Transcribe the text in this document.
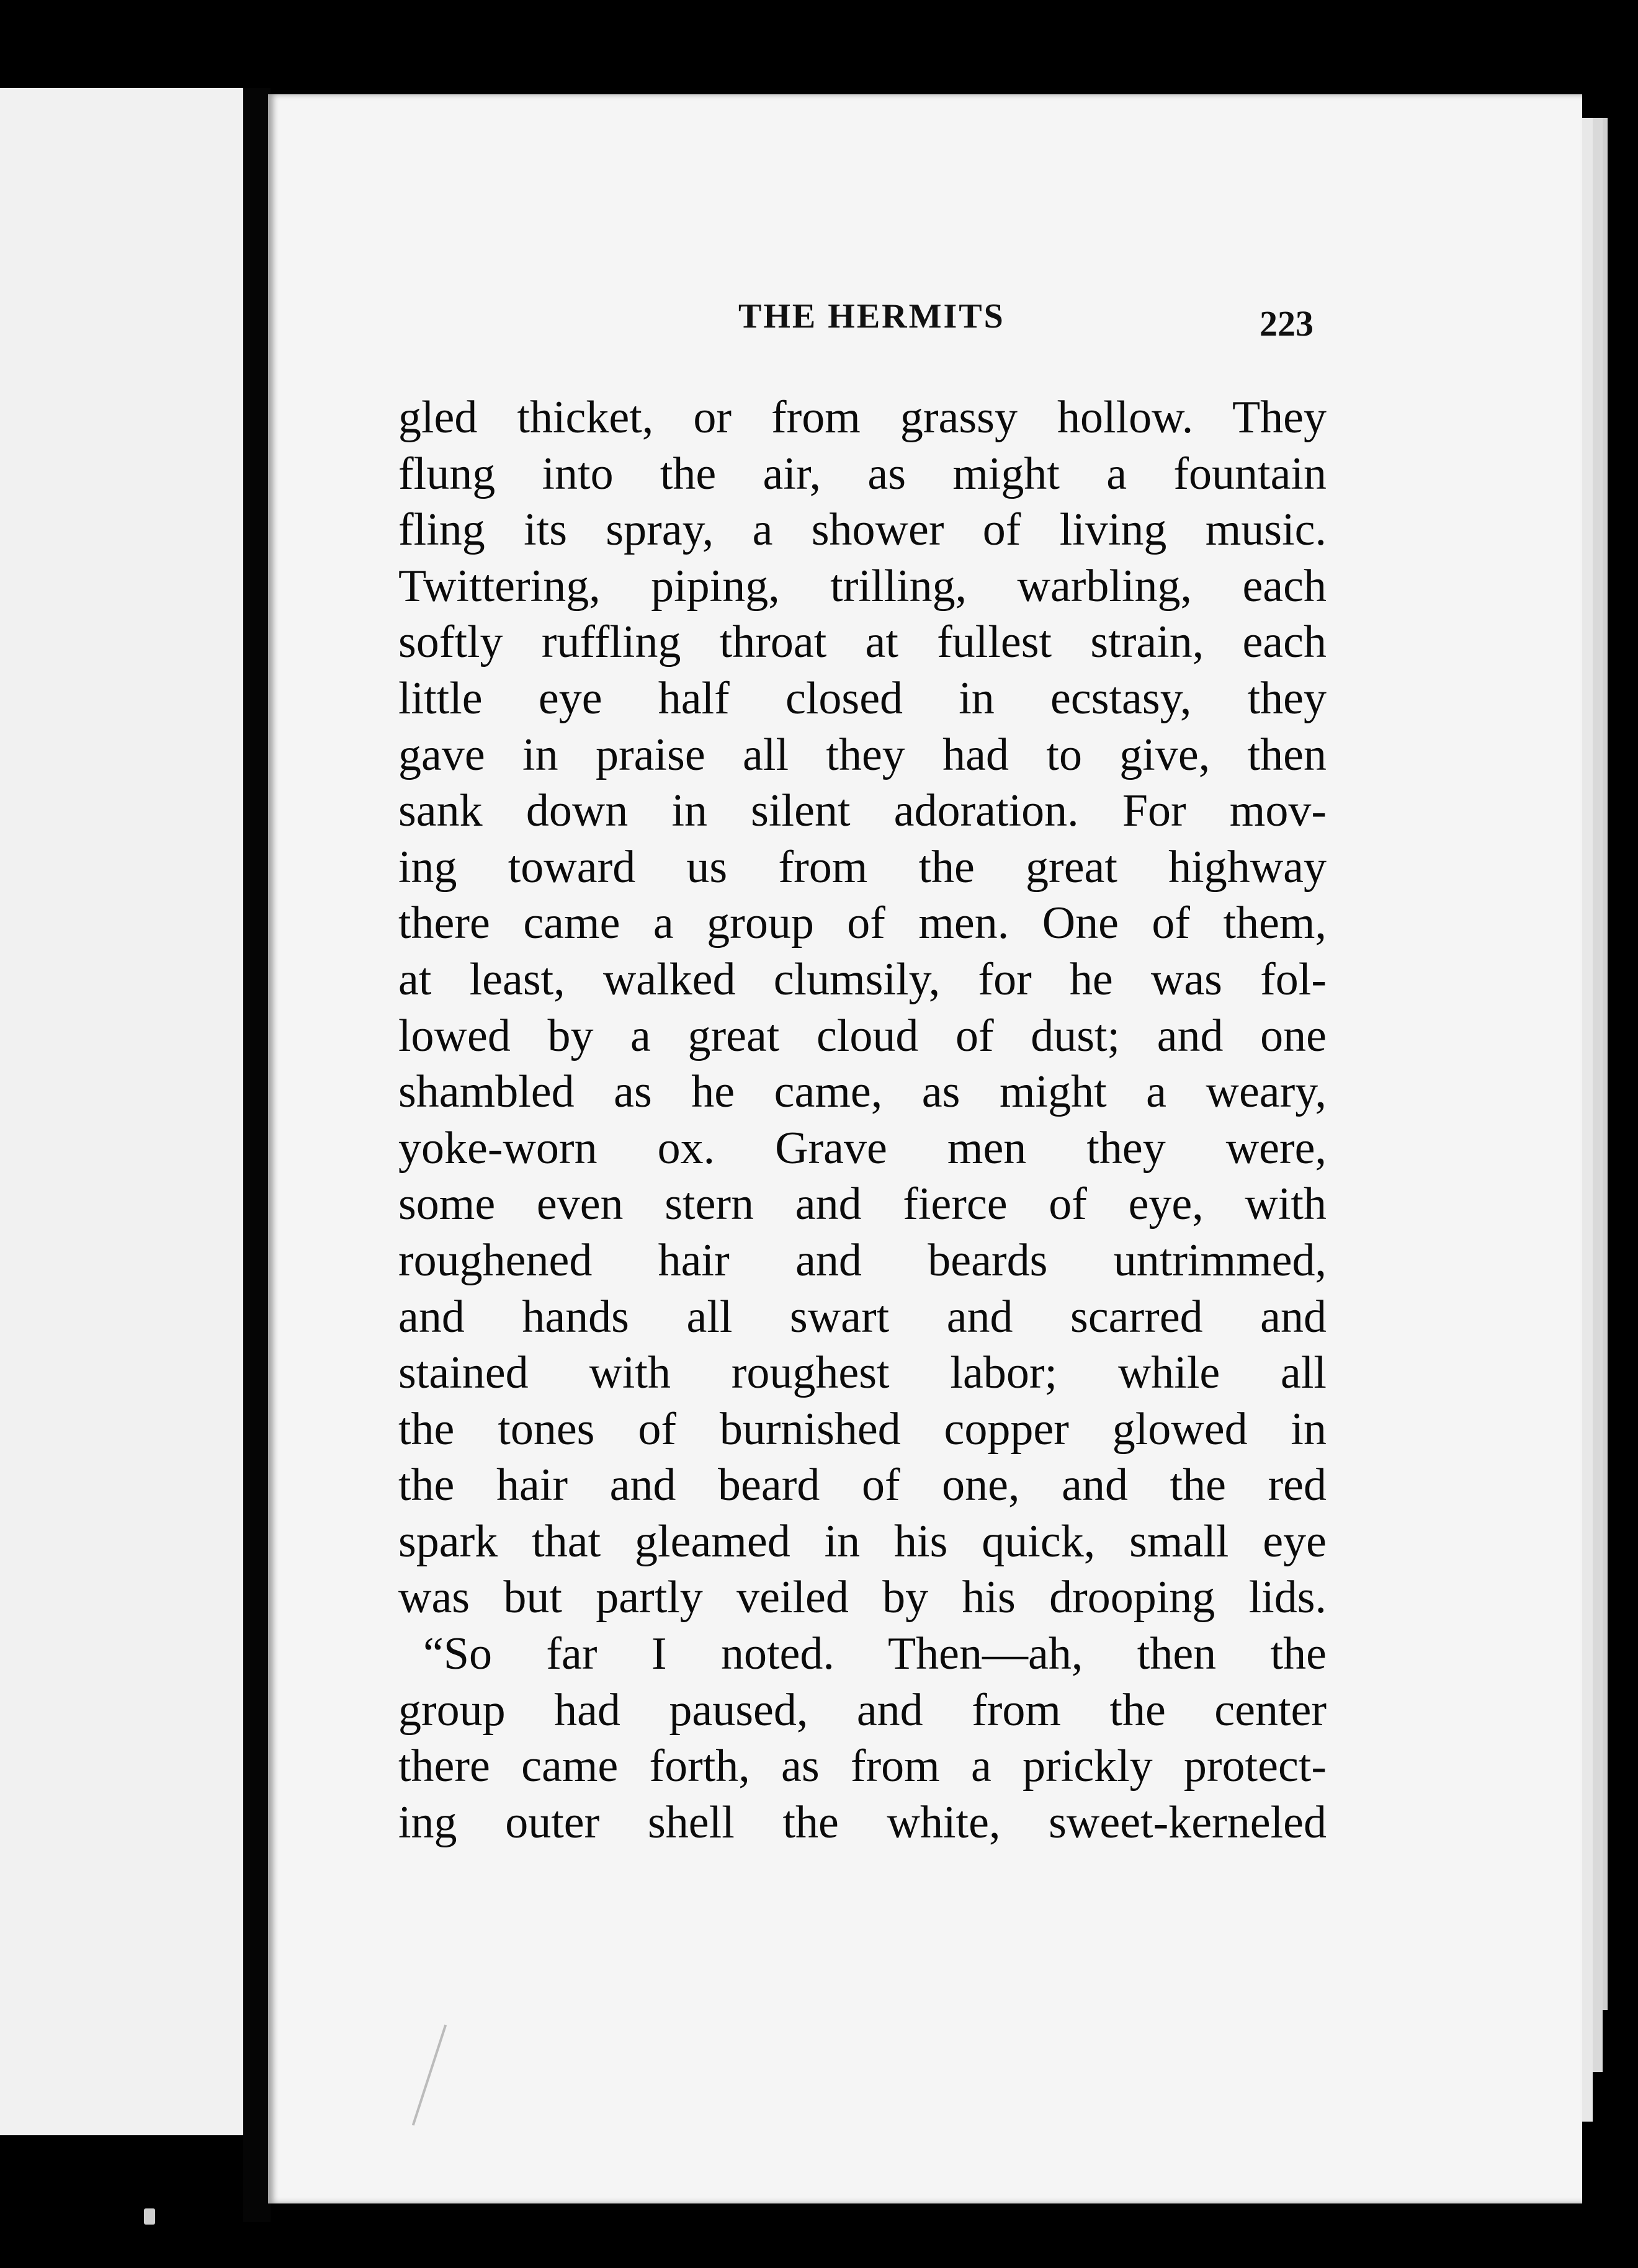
THE HERMITS	223
gled thicket, or from grassy hollow. They
flung into the air, as might a fountain
fling its spray, a shower of living music.
Twittering, piping, trilling, warbling, each
softly ruffling throat at fullest strain, each
little eye half closed in ecstasy, they
gave in praise all they had to give, then
sank down in silent adoration. For mov-
ing toward us from the great highway
there came a group of men. One of them,
at least, walked clumsily, for he was fol-
lowed by a great cloud of dust; and one
shambled as he came, as might a weary,
yoke-worn ox. Grave men they were,
some even stern and fierce of eye, with
roughened hair and beards untrimmed,
and hands all swart and scarred and
stained with roughest labor; while all
the tones of burnished copper glowed in
the hair and beard of one, and the red
spark that gleamed in his quick, small eye
was but partly veiled by his drooping lids.
“So far I noted. Then—ah, then the
group had paused, and from the center
there came forth, as from a prickly protect-
ing outer shell the white, sweet-kerneled
